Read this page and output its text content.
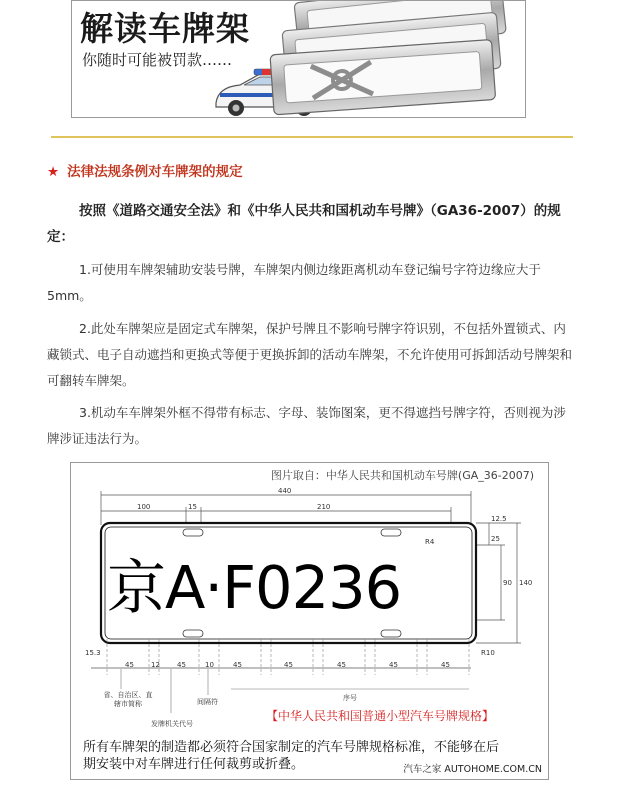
解读车牌架
你随时可能被罚款……
★ 法律法规条例对车牌架的规定
按照《道路交通安全法》和《中华人民共和国机动车号牌》（GA36-2007）的规定：
1.可使用车牌架辅助安装号牌，车牌架内侧边缘距离机动车登记编号字符边缘应大于5mm。
2.此处车牌架应是固定式车牌架，保护号牌且不影响号牌字符识别，不包括外置锁式、内藏锁式、电子自动遮挡和更换式等便于更换拆卸的活动车牌架，不允许使用可拆卸活动号牌架和可翻转车牌架。
3.机动车车牌架外框不得带有标志、字母、装饰图案，更不得遮挡号牌字符，否则视为涉牌涉证违法行为。
图片取自：中华人民共和国机动车号牌(GA_36-2007)
京A·F0236
440
100	15	210
12.5
25
90 140
R4
R10
15.3
45 12 45	10	45	45	45	45	45
省、自治区、直辖市简称
发牌机关代号
间隔符	序号
【中华人民共和国普通小型汽车号牌规格】
所有车牌架的制造都必须符合国家制定的汽车号牌规格标准，不能够在后期安装中对车牌进行任何裁剪或折叠。	汽车之家 AUTOHOME.COM.CN
